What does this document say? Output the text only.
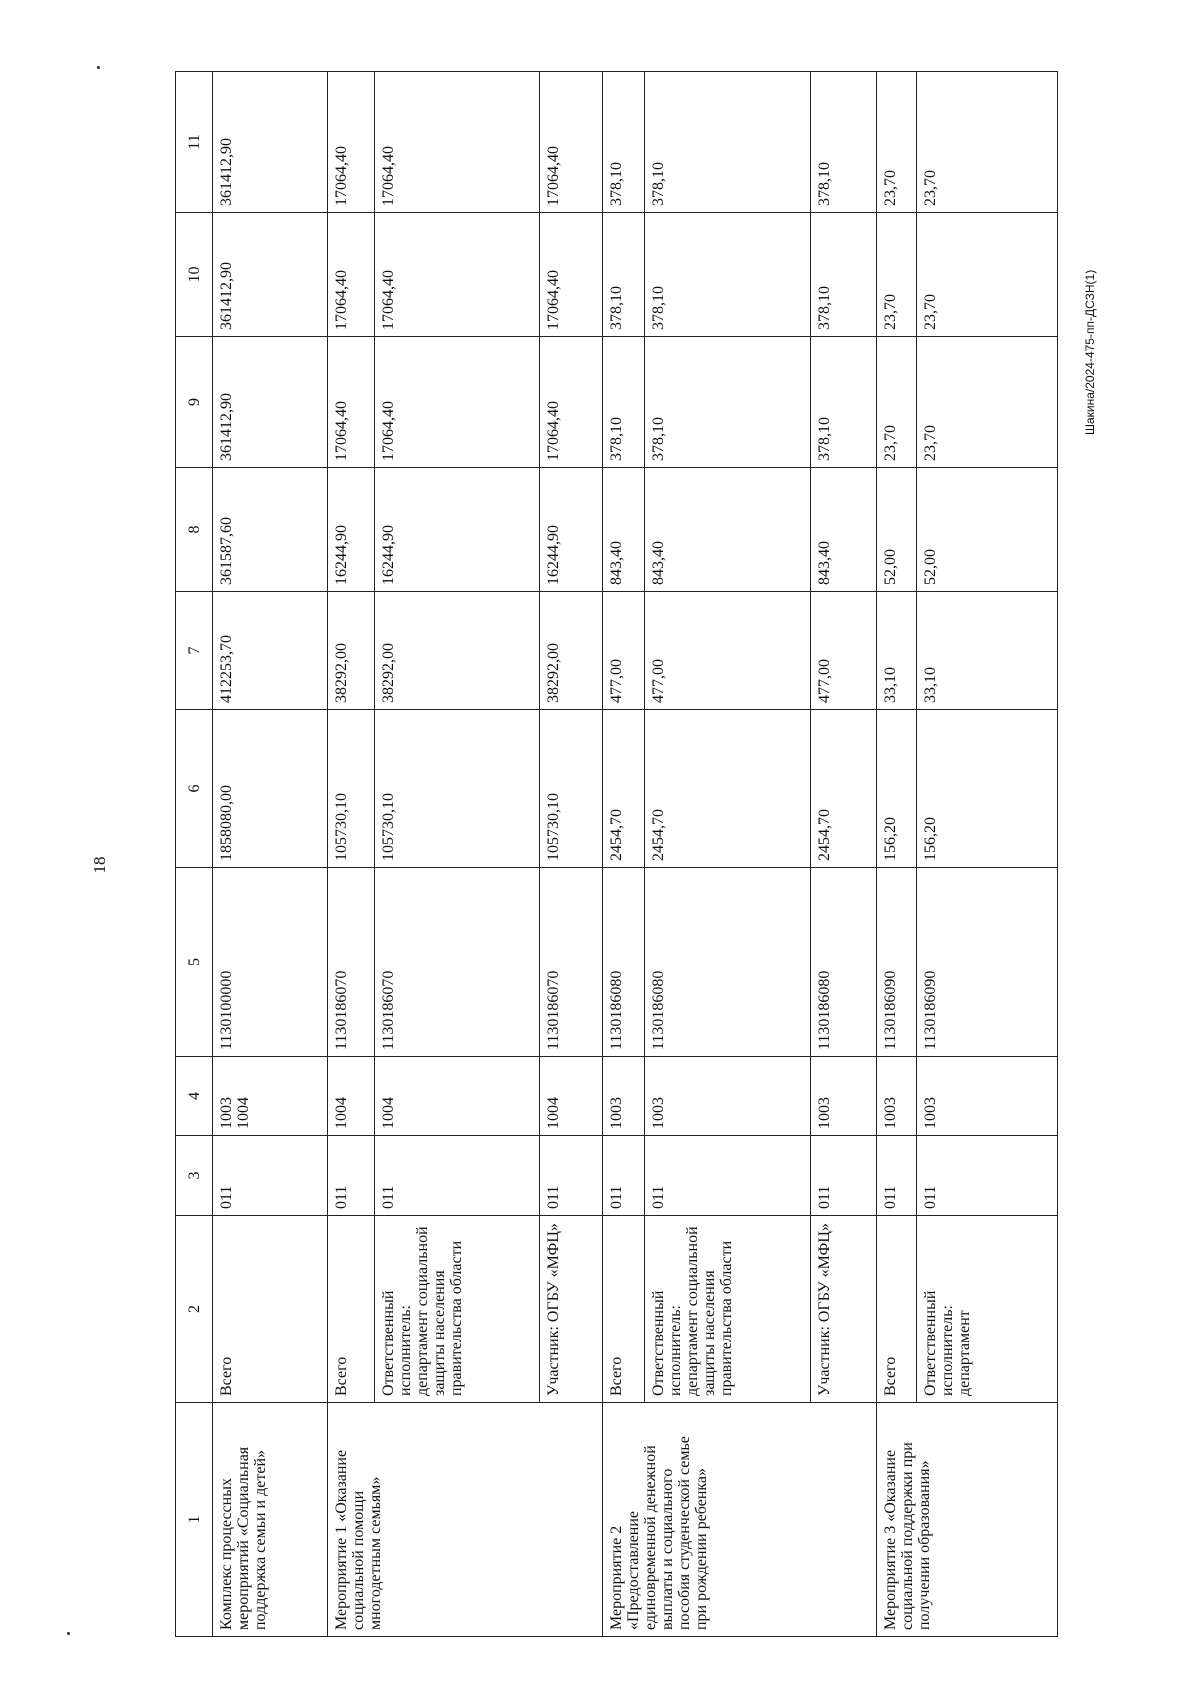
18
Шакина/2024-475-пп-ДСЗН(1)
1	2	3	4	5	6	7	8	9	10	11
Комплекс процессных мероприятий «Социальная поддержка семьи и детей»	Всего	011	1003 1004	1130100000	1858080,00	412253,70	361587,60	361412,90	361412,90	361412,90
Мероприятие 1 «Оказание социальной помощи многодетным семьям»	Всего	011	1004	1130186070	105730,10	38292,00	16244,90	17064,40	17064,40	17064,40
	Ответственный исполнитель: департамент социальной защиты населения правительства области	011	1004	1130186070	105730,10	38292,00	16244,90	17064,40	17064,40	17064,40
	Участник: ОГБУ «МФЦ»	011	1004	1130186070	105730,10	38292,00	16244,90	17064,40	17064,40	17064,40
Мероприятие 2 «Предоставление единовременной денежной выплаты и социального пособия студенческой семье при рождении ребенка»	Всего	011	1003	1130186080	2454,70	477,00	843,40	378,10	378,10	378,10
	Ответственный исполнитель: департамент социальной защиты населения правительства области	011	1003	1130186080	2454,70	477,00	843,40	378,10	378,10	378,10
	Участник: ОГБУ «МФЦ»	011	1003	1130186080	2454,70	477,00	843,40	378,10	378,10	378,10
Мероприятие 3 «Оказание социальной поддержки при получении образования»	Всего	011	1003	1130186090	156,20	33,10	52,00	23,70	23,70	23,70
	Ответственный исполнитель: департамент	011	1003	1130186090	156,20	33,10	52,00	23,70	23,70	23,70
